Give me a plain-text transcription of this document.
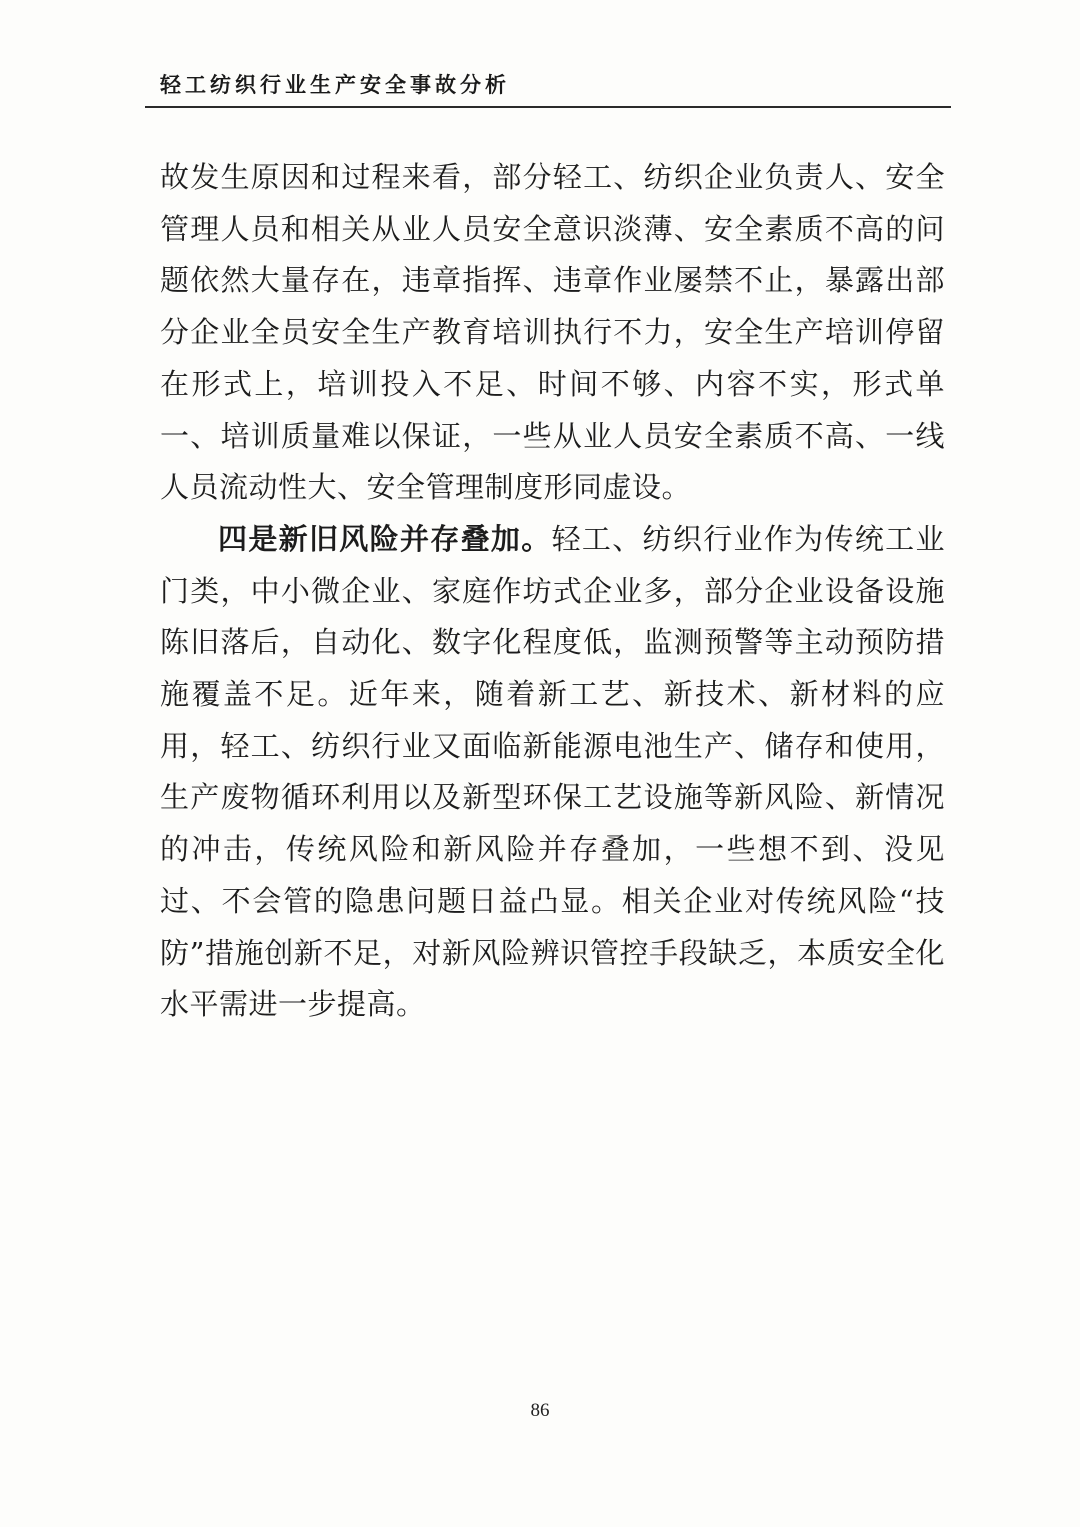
轻工纺织行业生产安全事故分析

故发生原因和过程来看，部分轻工、纺织企业负责人、安全管理人员和相关从业人员安全意识淡薄、安全素质不高的问题依然大量存在，违章指挥、违章作业屡禁不止，暴露出部分企业全员安全生产教育培训执行不力，安全生产培训停留在形式上，培训投入不足、时间不够、内容不实，形式单一、培训质量难以保证，一些从业人员安全素质不高、一线人员流动性大、安全管理制度形同虚设。

四是新旧风险并存叠加。轻工、纺织行业作为传统工业门类，中小微企业、家庭作坊式企业多，部分企业设备设施陈旧落后，自动化、数字化程度低，监测预警等主动预防措施覆盖不足。近年来，随着新工艺、新技术、新材料的应用，轻工、纺织行业又面临新能源电池生产、储存和使用，生产废物循环利用以及新型环保工艺设施等新风险、新情况的冲击，传统风险和新风险并存叠加，一些想不到、没见过、不会管的隐患问题日益凸显。相关企业对传统风险“技防”措施创新不足，对新风险辨识管控手段缺乏，本质安全化水平需进一步提高。

86
